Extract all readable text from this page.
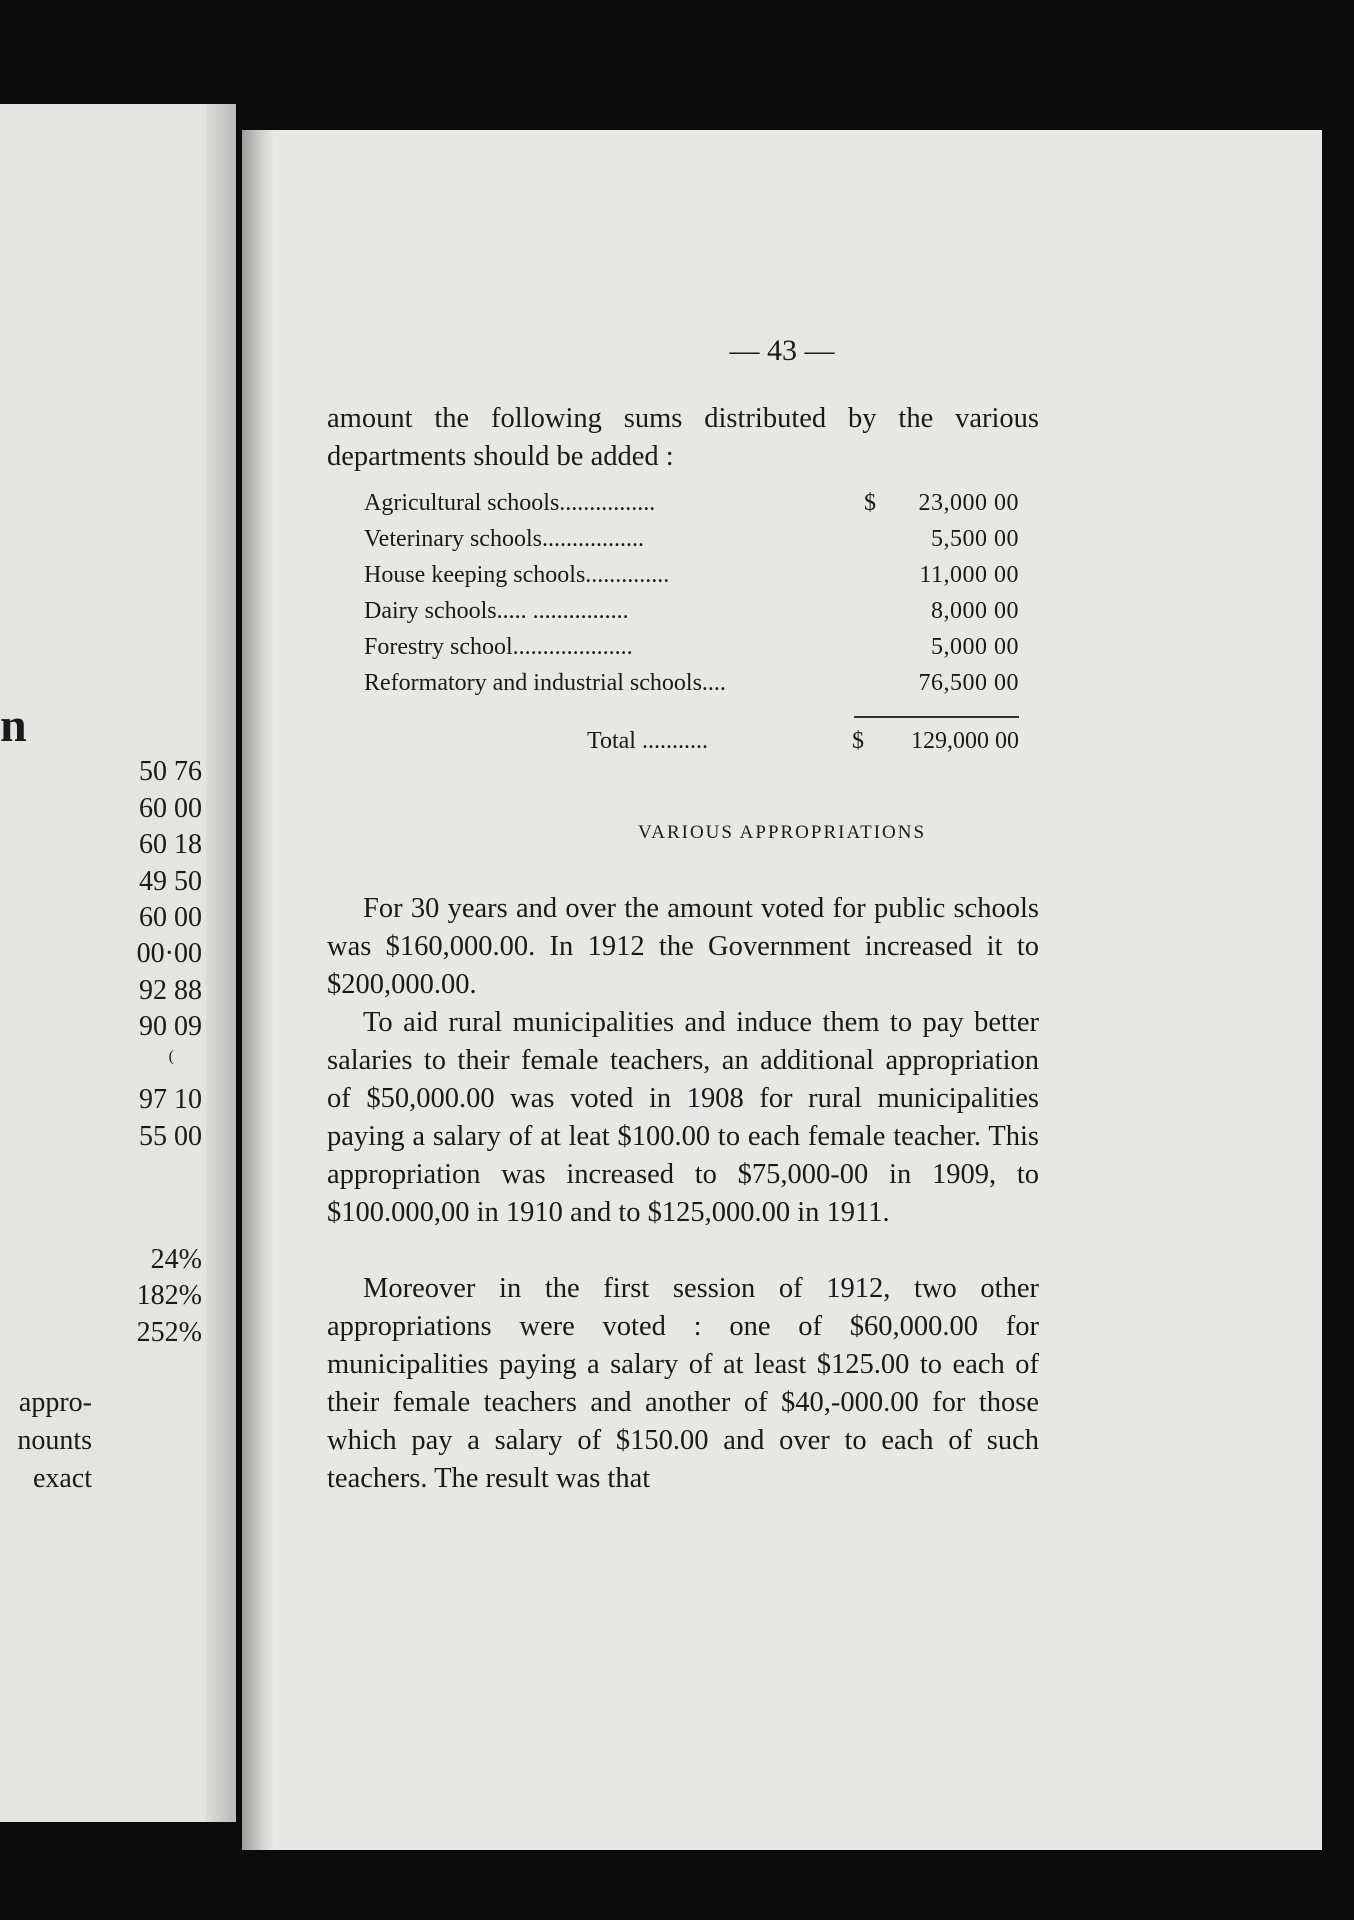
n
50 76
60 00
60 18
49 50
60 00
00·00
92 88
90 09
(
97 10
55 00
24%
182%
252%
appro-
nounts
exact
— 43 —
amount the following sums distributed by the various departments should be added :
Agricultural schools................	$ 23,000 00
Veterinary schools.................	5,500 00
House keeping schools..............	11,000 00
Dairy schools..... ................	8,000 00
Forestry school....................	5,000 00
Reformatory and industrial schools....	76,500 00
Total ...........	$ 129,000 00
VARIOUS APPROPRIATIONS
For 30 years and over the amount voted for public schools was $160,000.00. In 1912 the Government increased it to $200,000.00.
To aid rural municipalities and induce them to pay better salaries to their female teachers, an additional appropriation of $50,000.00 was voted in 1908 for rural municipalities paying a salary of at leat $100.00 to each female teacher. This appropriation was increased to $75,000-00 in 1909, to $100.000,00 in 1910 and to $125,000.00 in 1911.
Moreover in the first session of 1912, two other appropriations were voted : one of $60,000.00 for municipalities paying a salary of at least $125.00 to each of their female teachers and another of $40,-000.00 for those which pay a salary of $150.00 and over to each of such teachers. The result was that
